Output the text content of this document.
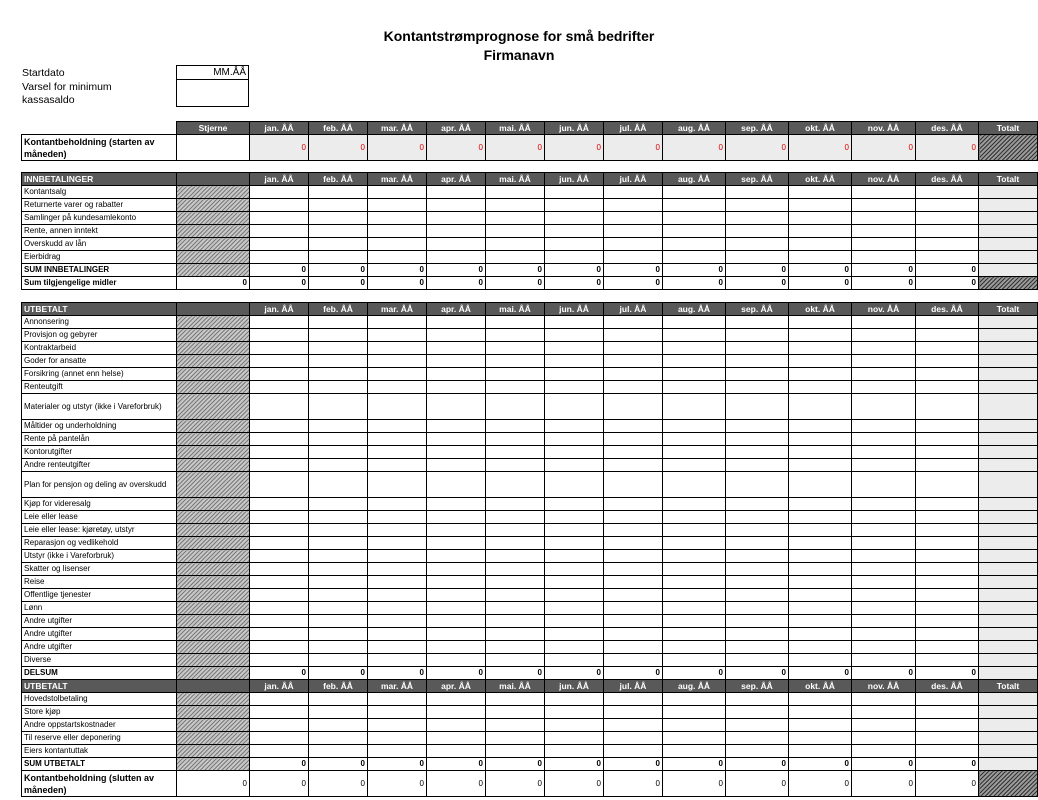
Kontantstrømprognose for små bedrifter
Firmanavn
Startdato
Varsel for minimum
kassasaldo
MM.ÅÅ
	Stjerne	jan. ÅÅ	feb. ÅÅ	mar. ÅÅ	apr. ÅÅ	mai. ÅÅ	jun. ÅÅ	jul. ÅÅ	aug. ÅÅ	sep. ÅÅ	okt. ÅÅ	nov. ÅÅ	des. ÅÅ	Totalt
Kontantbeholdning (starten av måneden)		0	0	0	0	0	0	0	0	0	0	0	0	
INNBETALINGER		jan. ÅÅ	feb. ÅÅ	mar. ÅÅ	apr. ÅÅ	mai. ÅÅ	jun. ÅÅ	jul. ÅÅ	aug. ÅÅ	sep. ÅÅ	okt. ÅÅ	nov. ÅÅ	des. ÅÅ	Totalt
Kontantsalg														
Returnerte varer og rabatter														
Samlinger på kundesamlekonto														
Rente, annen inntekt														
Overskudd av lån														
Eierbidrag														
SUM INNBETALINGER		0	0	0	0	0	0	0	0	0	0	0	0	
Sum tilgjengelige midler	0	0	0	0	0	0	0	0	0	0	0	0	0	
UTBETALT		jan. ÅÅ	feb. ÅÅ	mar. ÅÅ	apr. ÅÅ	mai. ÅÅ	jun. ÅÅ	jul. ÅÅ	aug. ÅÅ	sep. ÅÅ	okt. ÅÅ	nov. ÅÅ	des. ÅÅ	Totalt
Annonsering														
Provisjon og gebyrer														
Kontraktarbeid														
Goder for ansatte														
Forsikring (annet enn helse)														
Renteutgift														
Materialer og utstyr (ikke i Vareforbruk)														
Måltider og underholdning														
Rente på pantelån														
Kontorutgifter														
Andre renteutgifter														
Plan for pensjon og deling av overskudd														
Kjøp for videresalg														
Leie eller lease														
Leie eller lease: kjøretøy, utstyr														
Reparasjon og vedlikehold														
Utstyr (ikke i Vareforbruk)														
Skatter og lisenser														
Reise														
Offentlige tjenester														
Lønn														
Andre utgifter														
Andre utgifter														
Andre utgifter														
Diverse														
DELSUM		0	0	0	0	0	0	0	0	0	0	0	0	
UTBETALT		jan. ÅÅ	feb. ÅÅ	mar. ÅÅ	apr. ÅÅ	mai. ÅÅ	jun. ÅÅ	jul. ÅÅ	aug. ÅÅ	sep. ÅÅ	okt. ÅÅ	nov. ÅÅ	des. ÅÅ	Totalt
Hovedstolbetaling														
Store kjøp														
Andre oppstartskostnader														
Til reserve eller deponering														
Eiers kontantuttak														
SUM UTBETALT		0	0	0	0	0	0	0	0	0	0	0	0	
Kontantbeholdning (slutten av måneden)	0	0	0	0	0	0	0	0	0	0	0	0	0	
